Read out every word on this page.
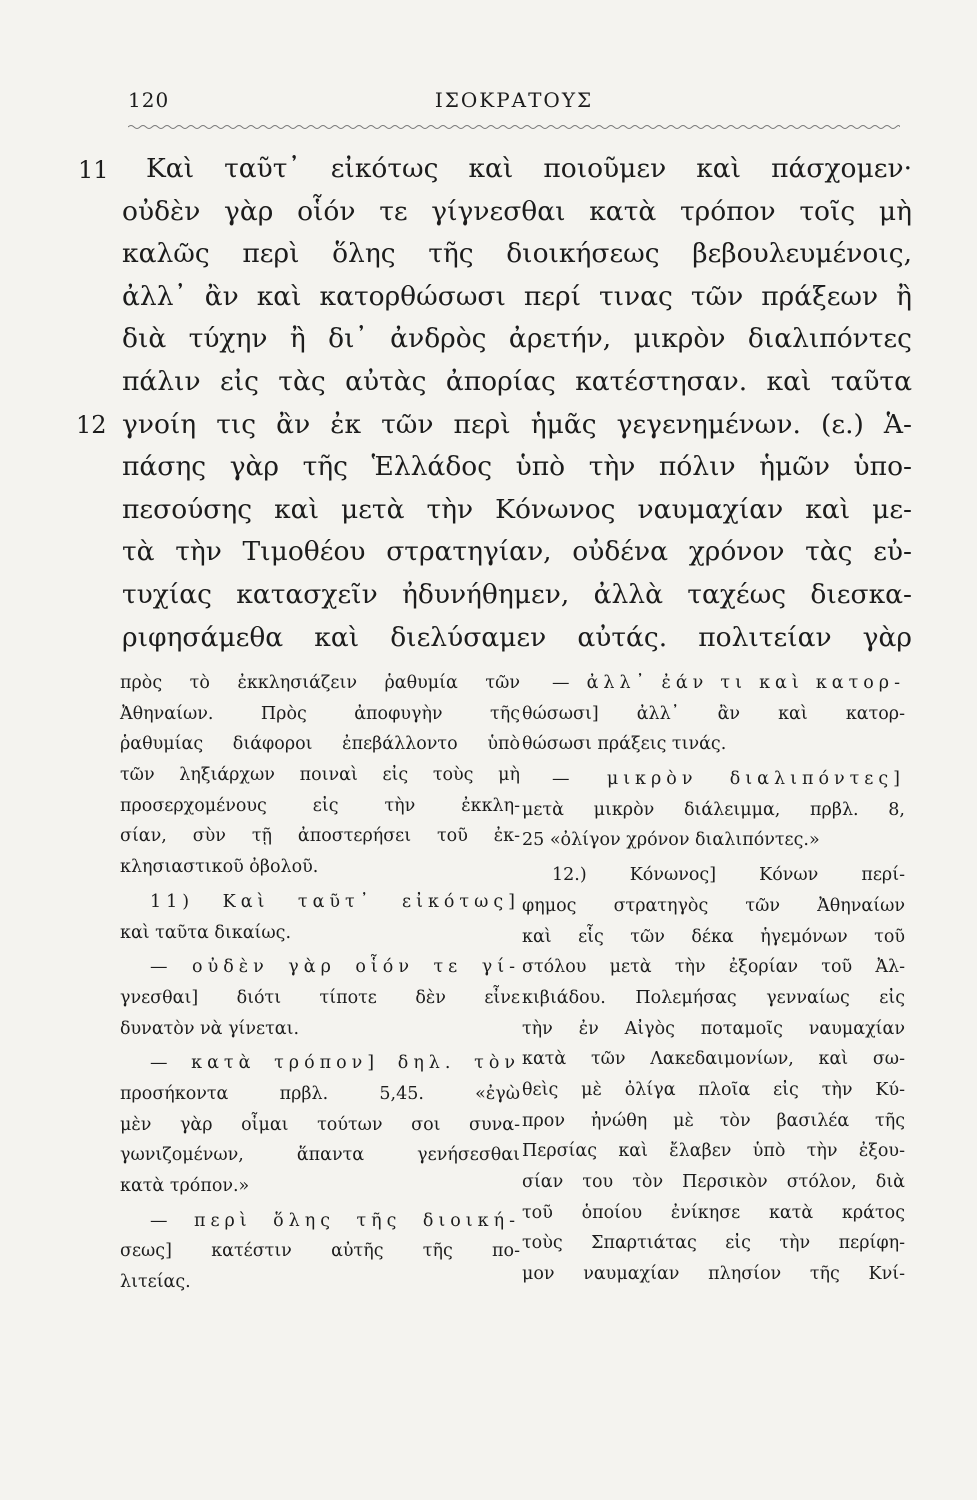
120	ΙΣΟΚΡΑΤΟΥΣ
11
12
Καὶ ταῦτ᾽ εἰκότως καὶ ποιοῦμεν καὶ πάσχομεν·
οὐδὲν γὰρ οἷόν τε γίγνεσθαι κατὰ τρόπον τοῖς μὴ
καλῶς περὶ ὅλης τῆς διοικήσεως βεβουλευμένοις,
ἀλλ᾽ ἂν καὶ κατορθώσωσι περί τινας τῶν πράξεων ἢ
διὰ τύχην ἢ δι᾽ ἀνδρὸς ἀρετήν, μικρὸν διαλιπόντες
πάλιν εἰς τὰς αὐτὰς ἀπορίας κατέστησαν. καὶ ταῦτα
γνοίη τις ἂν ἐκ τῶν περὶ ἡμᾶς γεγενημένων. (ε.) Ἁ-
πάσης γὰρ τῆς Ἑλλάδος ὑπὸ τὴν πόλιν ἡμῶν ὑπο-
πεσούσης καὶ μετὰ τὴν Κόνωνος ναυμαχίαν καὶ με-
τὰ τὴν Τιμοθέου στρατηγίαν, οὐδένα χρόνον τὰς εὐ-
τυχίας κατασχεῖν ἠδυνήθημεν, ἀλλὰ ταχέως διεσκα-
ριφησάμεθα καὶ διελύσαμεν αὐτάς. πολιτείαν γὰρ
πρὸς τὸ ἐκκλησιάζειν ῥαθυμία τῶν
Ἀθηναίων. Πρὸς ἀποφυγὴν τῆς
ῥαθυμίας διάφοροι ἐπεβάλλοντο ὑπὸ
τῶν ληξιάρχων ποιναὶ εἰς τοὺς μὴ
προσερχομένους εἰς τὴν ἐκκλη-
σίαν, σὺν τῇ ἀποστερήσει τοῦ ἐκ-
κλησιαστικοῦ ὀβολοῦ.
11) Καὶ ταῦτ᾽ εἰκότως]
καὶ ταῦτα δικαίως.
— οὐδὲν γὰρ οἷόν τε γί-
γνεσθαι] διότι τίποτε δὲν εἶνε
δυνατὸν νὰ γίνεται.
— κατὰ τρόπον] δηλ. τὸν
προσήκοντα πρβλ. 5,45. «ἐγὼ
μὲν γὰρ οἶμαι τούτων σοι συνα-
γωνιζομένων, ἅπαντα γενήσεσθαι
κατὰ τρόπον.»
— περὶ ὅλης τῆς διοική-
σεως] κατέστιν αὐτῆς τῆς πο-
λιτείας.
— ἀλλ᾽ ἐάν τι καὶ κατορ-
θώσωσι] ἀλλ᾽ ἂν καὶ κατορ-
θώσωσι πράξεις τινάς.
— μικρὸν διαλιπόντες]
μετὰ μικρὸν διάλειμμα, πρβλ. 8,
25 «ὀλίγον χρόνον διαλιπόντες.»
12.) Κόνωνος] Κόνων περί-
φημος στρατηγὸς τῶν Ἀθηναίων
καὶ εἷς τῶν δέκα ἡγεμόνων τοῦ
στόλου μετὰ τὴν ἐξορίαν τοῦ Ἀλ-
κιβιάδου. Πολεμήσας γενναίως εἰς
τὴν ἐν Αἰγὸς ποταμοῖς ναυμαχίαν
κατὰ τῶν Λακεδαιμονίων, καὶ σω-
θεὶς μὲ ὀλίγα πλοῖα εἰς τὴν Κύ-
προν ἠνώθη μὲ τὸν βασιλέα τῆς
Περσίας καὶ ἔλαβεν ὑπὸ τὴν ἐξου-
σίαν του τὸν Περσικὸν στόλον, διὰ
τοῦ ὁποίου ἐνίκησε κατὰ κράτος
τοὺς Σπαρτιάτας εἰς τὴν περίφη-
μον ναυμαχίαν πλησίον τῆς Κνί-
